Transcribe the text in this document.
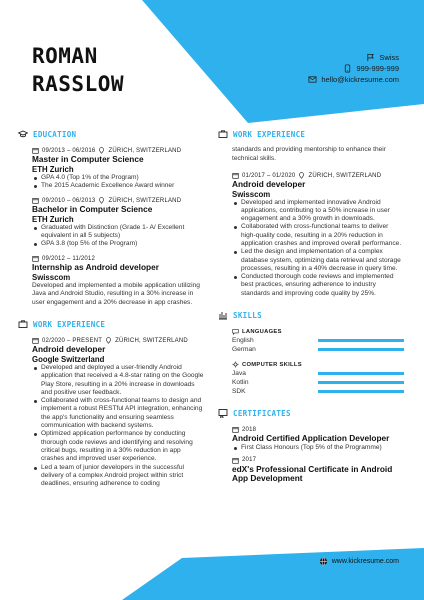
ROMAN
RASSLOW
Swiss
999-999-999
hello@kickresume.com
EDUCATION
09/2013 – 06/2016 ZÜRICH, SWITZERLAND
Master in Computer Science
ETH Zurich
GPA 4.0 (Top 1% of the Program)
The 2015 Academic Excellence Award winner
09/2010 – 06/2013 ZÜRICH, SWITZERLAND
Bachelor in Computer Science
ETH Zurich
Graduated with Distinction (Grade 1- A/ Excellent equivalent in all 5 subjects)
GPA 3.8 (top 5% of the Program)
09/2012 – 11/2012
Internship as Android developer
Swisscom
Developed and implemented a mobile application utilizing Java and Android Studio, resulting in a 30% increase in user engagement and a 20% decrease in app crashes.
WORK EXPERIENCE
02/2020 – PRESENT ZÜRICH, SWITZERLAND
Android developer
Google Switzerland
Developed and deployed a user-friendly Android application that received a 4.8-star rating on the Google Play Store, resulting in a 20% increase in downloads and positive user feedback.
Collaborated with cross-functional teams to design and implement a robust RESTful API integration, enhancing the app's functionality and ensuring seamless communication with backend systems.
Optimized application performance by conducting thorough code reviews and identifying and resolving critical bugs, resulting in a 30% reduction in app crashes and improved user experience.
Led a team of junior developers in the successful delivery of a complex Android project within strict deadlines, ensuring adherence to coding
WORK EXPERIENCE
standards and providing mentorship to enhance their technical skills.
01/2017 – 01/2020 ZÜRICH, SWITZERLAND
Android developer
Swisscom
Developed and implemented innovative Android applications, contributing to a 50% increase in user engagement and a 30% growth in downloads.
Collaborated with cross-functional teams to deliver high-quality code, resulting in a 20% reduction in application crashes and improved overall performance.
Led the design and implementation of a complex database system, optimizing data retrieval and storage processes, resulting in a 40% decrease in query time.
Conducted thorough code reviews and implemented best practices, ensuring adherence to industry standards and improving code quality by 25%.
SKILLS
LANGUAGES
English
German
COMPUTER SKILLS
Java
Kotlin
SDK
CERTIFICATES
2018
Android Certified Application Developer
First Class Honours (Top 5% of the Programme)
2017
edX's Professional Certificate in Android App Development
www.kickresume.com
